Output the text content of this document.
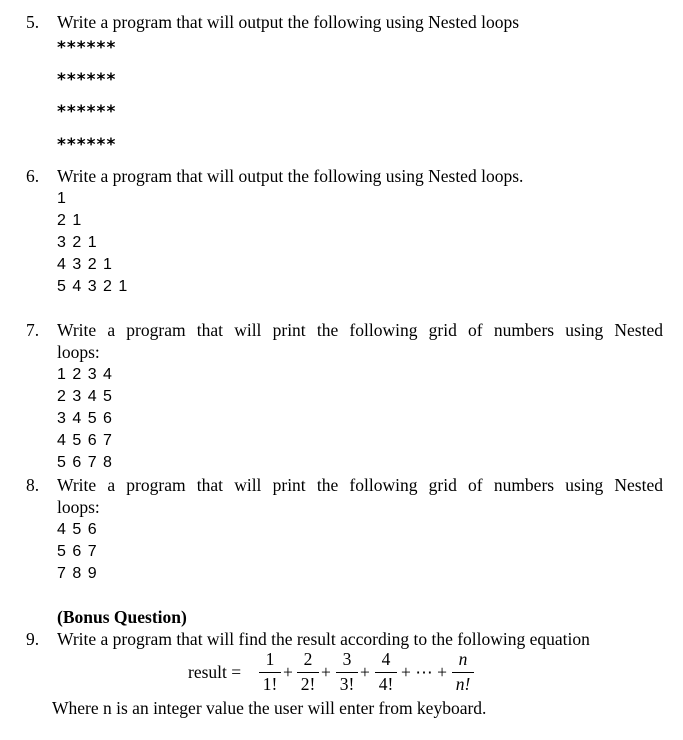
5. Write a program that will output the following using Nested loops
******
******
******
******
6. Write a program that will output the following using Nested loops.
1
2 1
3 2 1
4 3 2 1
5 4 3 2 1
7. Write a program that will print the following grid of numbers using Nested
loops:
1 2 3 4
2 3 4 5
3 4 5 6
4 5 6 7
5 6 7 8
8. Write a program that will print the following grid of numbers using Nested
loops:
4 5 6
5 6 7
7 8 9
(Bonus Question)
9. Write a program that will find the result according to the following equation
result =
1
1!
+
2
2!
+
3
3!
+
4
4!
+ ⋯ +
n
n!
Where n is an integer value the user will enter from keyboard.
